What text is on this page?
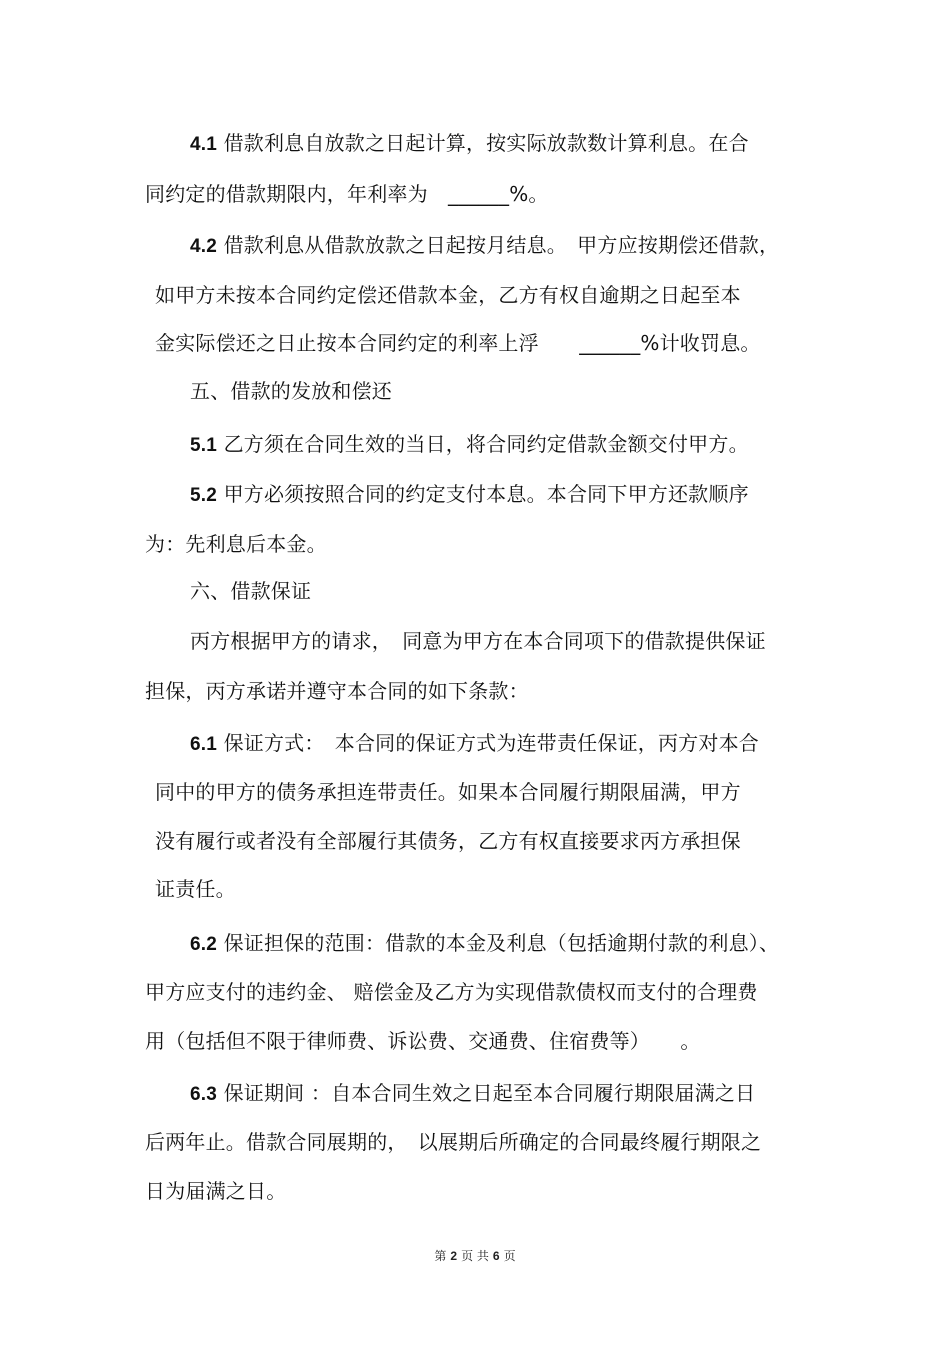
4.1 借款利息自放款之日起计算，按实际放款数计算利息。在合
同约定的借款期限内，年利率为　______%。
4.2 借款利息从借款放款之日起按月结息。　甲方应按期偿还借款，
如甲方未按本合同约定偿还借款本金，乙方有权自逾期之日起至本
金实际偿还之日止按本合同约定的利率上浮　　______%计收罚息。
五、借款的发放和偿还
5.1 乙方须在合同生效的当日，将合同约定借款金额交付甲方。
5.2 甲方必须按照合同的约定支付本息。本合同下甲方还款顺序
为：先利息后本金。
六、借款保证
丙方根据甲方的请求，　同意为甲方在本合同项下的借款提供保证
担保，丙方承诺并遵守本合同的如下条款：
6.1 保证方式：　本合同的保证方式为连带责任保证，丙方对本合
同中的甲方的债务承担连带责任。如果本合同履行期限届满，甲方
没有履行或者没有全部履行其债务，乙方有权直接要求丙方承担保
证责任。
6.2 保证担保的范围：借款的本金及利息（包括逾期付款的利息）、
甲方应支付的违约金、 赔偿金及乙方为实现借款债权而支付的合理费
用（包括但不限于律师费、诉讼费、交通费、住宿费等）　　。
6.3 保证期间 ：自本合同生效之日起至本合同履行期限届满之日
后两年止。借款合同展期的，　以展期后所确定的合同最终履行期限之
日为届满之日。
第 2 页 共 6 页
